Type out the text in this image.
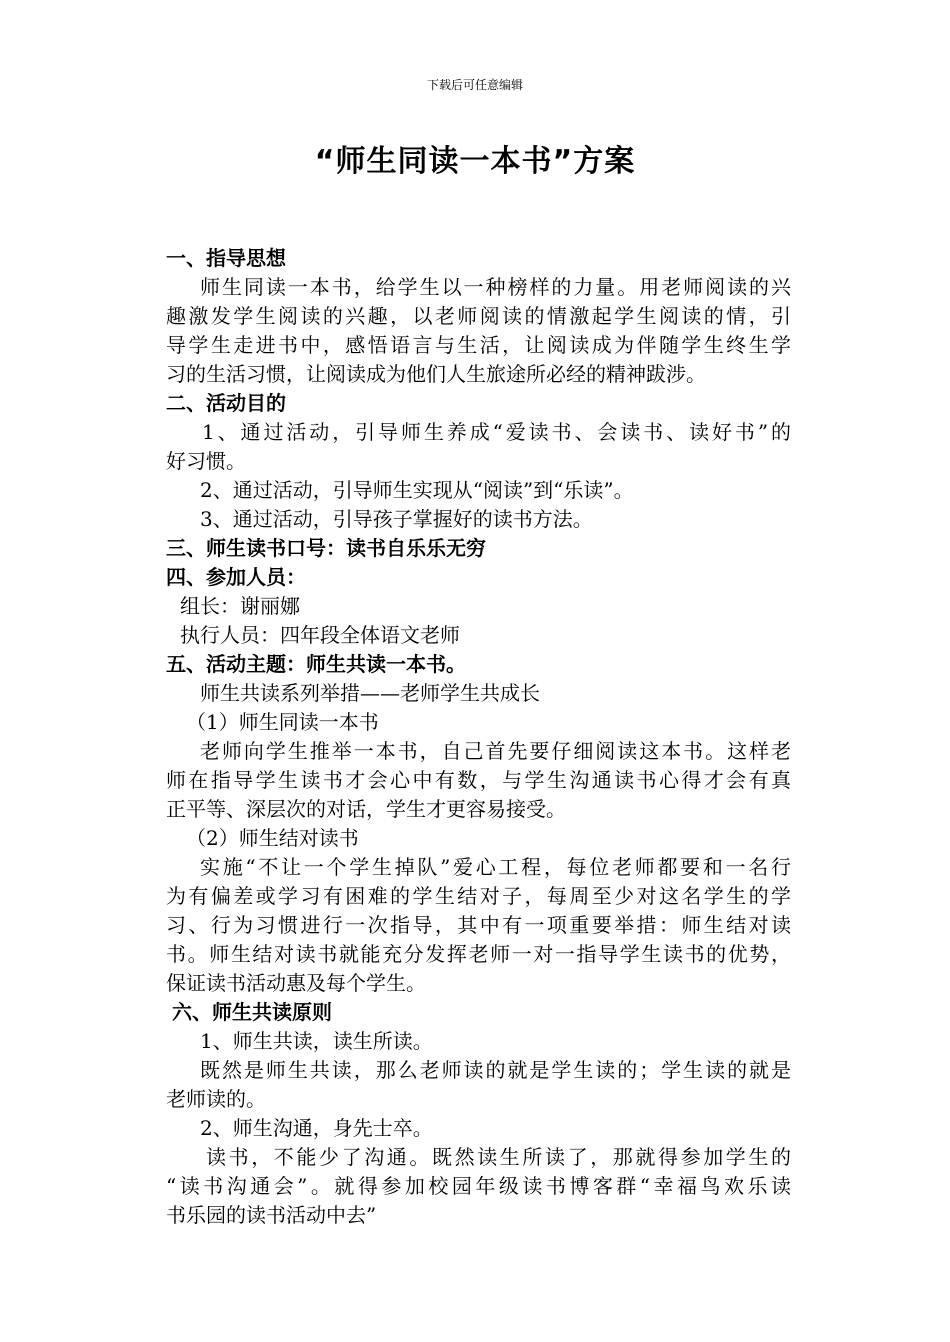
下载后可任意编辑
“师生同读一本书”方案
一、指导思想
师生同读一本书，给学生以一种榜样的力量。用老师阅读的兴
趣激发学生阅读的兴趣，以老师阅读的情激起学生阅读的情，引
导学生走进书中，感悟语言与生活，让阅读成为伴随学生终生学
习的生活习惯，让阅读成为他们人生旅途所必经的精神跋涉。
二、活动目的
1、通过活动，引导师生养成“爱读书、会读书、读好书”的
好习惯。
2、通过活动，引导师生实现从“阅读”到“乐读”。
3、通过活动，引导孩子掌握好的读书方法。
三、师生读书口号：读书自乐乐无穷
四、参加人员：
组长：谢丽娜
执行人员：四年段全体语文老师
五、活动主题：师生共读一本书。
师生共读系列举措——老师学生共成长
（1）师生同读一本书
老师向学生推举一本书，自己首先要仔细阅读这本书。这样老
师在指导学生读书才会心中有数，与学生沟通读书心得才会有真
正平等、深层次的对话，学生才更容易接受。
（2）师生结对读书
实施“不让一个学生掉队”爱心工程，每位老师都要和一名行
为有偏差或学习有困难的学生结对子，每周至少对这名学生的学
习、行为习惯进行一次指导，其中有一项重要举措：师生结对读
书。师生结对读书就能充分发挥老师一对一指导学生读书的优势，
保证读书活动惠及每个学生。
六、师生共读原则
1、师生共读，读生所读。
既然是师生共读，那么老师读的就是学生读的；学生读的就是
老师读的。
2、师生沟通，身先士卒。
读书，不能少了沟通。既然读生所读了，那就得参加学生的
“读书沟通会”。就得参加校园年级读书博客群“幸福鸟欢乐读
书乐园的读书活动中去”
